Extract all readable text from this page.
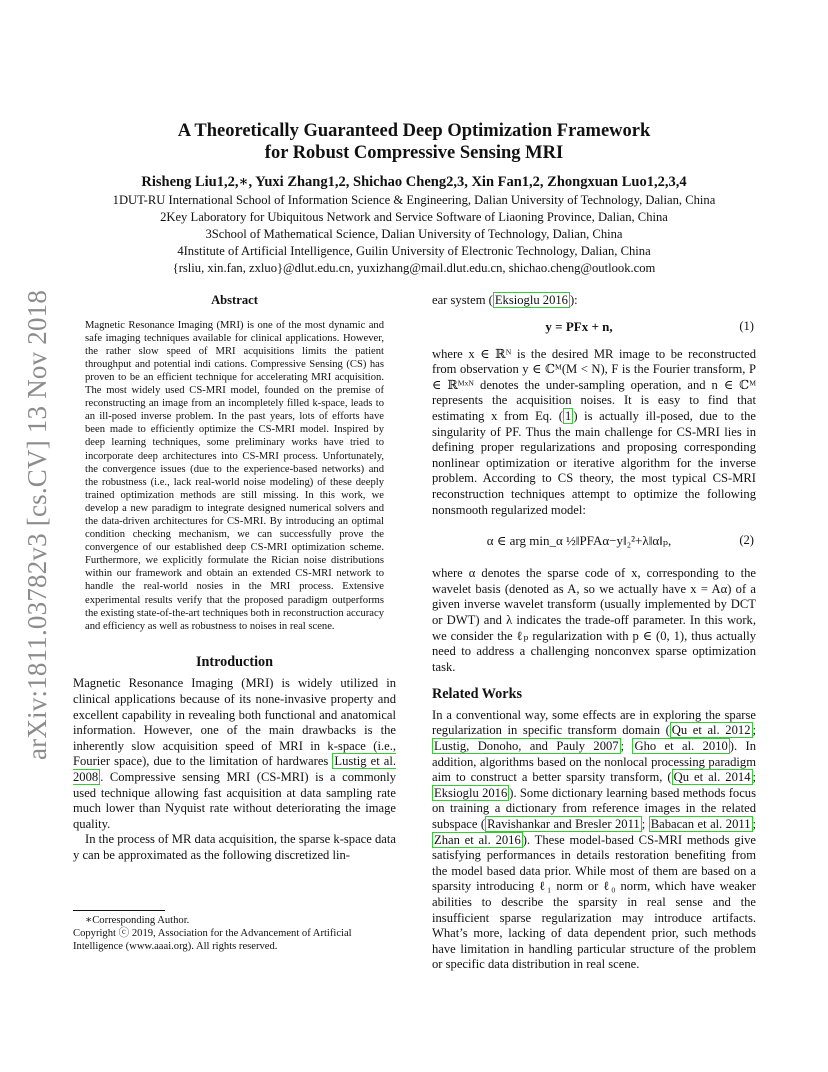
arXiv:1811.03782v3 [cs.CV] 13 Nov 2018
A Theoretically Guaranteed Deep Optimization Framework
for Robust Compressive Sensing MRI
Risheng Liu1,2,∗, Yuxi Zhang1,2, Shichao Cheng2,3, Xin Fan1,2, Zhongxuan Luo1,2,3,4
1DUT-RU International School of Information Science & Engineering, Dalian University of Technology, Dalian, China
2Key Laboratory for Ubiquitous Network and Service Software of Liaoning Province, Dalian, China
3School of Mathematical Science, Dalian University of Technology, Dalian, China
4Institute of Artificial Intelligence, Guilin University of Electronic Technology, Dalian, China
{rsliu, xin.fan, zxluo}@dlut.edu.cn, yuxizhang@mail.dlut.edu.cn, shichao.cheng@outlook.com
Abstract
Magnetic Resonance Imaging (MRI) is one of the most dynamic and safe imaging techniques available for clinical applications. However, the rather slow speed of MRI acquisitions limits the patient throughput and potential indi cations. Compressive Sensing (CS) has proven to be an efficient technique for accelerating MRI acquisition. The most widely used CS-MRI model, founded on the premise of reconstructing an image from an incompletely filled k-space, leads to an ill-posed inverse problem. In the past years, lots of efforts have been made to efficiently optimize the CS-MRI model. Inspired by deep learning techniques, some preliminary works have tried to incorporate deep architectures into CS-MRI process. Unfortunately, the convergence issues (due to the experience-based networks) and the robustness (i.e., lack real-world noise modeling) of these deeply trained optimization methods are still missing. In this work, we develop a new paradigm to integrate designed numerical solvers and the data-driven architectures for CS-MRI. By introducing an optimal condition checking mechanism, we can successfully prove the convergence of our established deep CS-MRI optimization scheme. Furthermore, we explicitly formulate the Rician noise distributions within our framework and obtain an extended CS-MRI network to handle the real-world nosies in the MRI process. Extensive experimental results verify that the proposed paradigm outperforms the existing state-of-the-art techniques both in reconstruction accuracy and efficiency as well as robustness to noises in real scene.
Introduction

Magnetic Resonance Imaging (MRI) is widely utilized in clinical applications because of its none-invasive property and excellent capability in revealing both functional and anatomical information. However, one of the main drawbacks is the inherently slow acquisition speed of MRI in k-space (i.e., Fourier space), due to the limitation of hardwares Lustig et al. 2008 . Compressive sensing MRI (CS-MRI) is a commonly used technique allowing fast acquisition at data sampling rate much lower than Nyquist rate without deteriorating the image quality.

In the process of MR data acquisition, the sparse k-space data y can be approximated as the following discretized lin-

∗Corresponding Author.
Copyright ⓒ 2019, Association for the Advancement of Artificial Intelligence (www.aaai.org). All rights reserved.

ear system ( Eksioglu 2016 ):

y = PFx + n,	(1)

where x ∈ ℝᴺ is the desired MR image to be reconstructed from observation y ∈ ℂᴹ(M < N), F is the Fourier transform, P ∈ ℝᴹˣᴺ denotes the under-sampling operation, and n ∈ ℂᴹ represents the acquisition noises. It is easy to find that estimating x from Eq. ( 1 ) is actually ill-posed, due to the singularity of PF. Thus the main challenge for CS-MRI lies in defining proper regularizations and proposing corresponding nonlinear optimization or iterative algorithm for the inverse problem. According to CS theory, the most typical CS-MRI reconstruction techniques attempt to optimize the following nonsmooth regularized model:

α ∈ arg min_α ½‖PFAα−y‖₂²+λ‖α‖ₚ,	(2)

where α denotes the sparse code of x, corresponding to the wavelet basis (denoted as A, so we actually have x = Aα) of a given inverse wavelet transform (usually implemented by DCT or DWT) and λ indicates the trade-off parameter. In this work, we consider the ℓₚ regularization with p ∈ (0, 1), thus actually need to address a challenging nonconvex sparse optimization task.

Related Works

In a conventional way, some effects are in exploring the sparse regularization in specific transform domain ( Qu et al. 2012 ; Lustig, Donoho, and Pauly 2007 ; Gho et al. 2010 ). In addition, algorithms based on the nonlocal processing paradigm aim to construct a better sparsity transform, ( Qu et al. 2014 ; Eksioglu 2016 ). Some dictionary learning based methods focus on training a dictionary from reference images in the related subspace ( Ravishankar and Bresler 2011 ; Babacan et al. 2011 ; Zhan et al. 2016 ). These model-based CS-MRI methods give satisfying performances in details restoration benefiting from the model based data prior. While most of them are based on a sparsity introducing ℓ₁ norm or ℓ₀ norm, which have weaker abilities to describe the sparsity in real sense and the insufficient sparse regularization may introduce artifacts. What’s more, lacking of data dependent prior, such methods have limitation in handling particular structure of the problem or specific data distribution in real scene.
